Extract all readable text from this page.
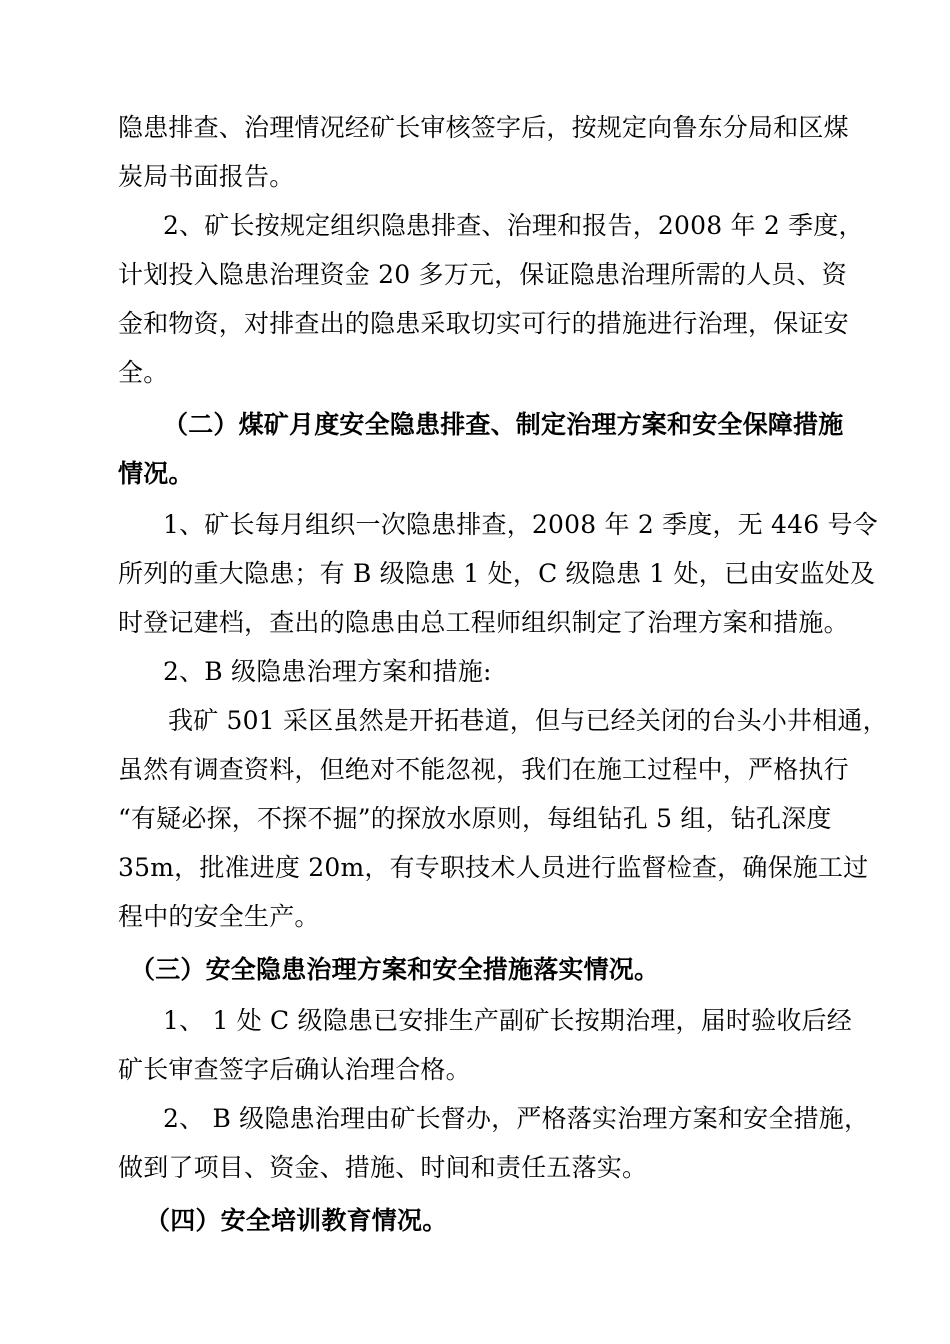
隐患排查、治理情况经矿长审核签字后，按规定向鲁东分局和区煤
炭局书面报告。
2、矿长按规定组织隐患排查、治理和报告，2008 年 2 季度，
计划投入隐患治理资金 20 多万元，保证隐患治理所需的人员、资
金和物资，对排查出的隐患采取切实可行的措施进行治理，保证安
全。
（二）煤矿月度安全隐患排查、制定治理方案和安全保障措施
情况。
1、矿长每月组织一次隐患排查，2008 年 2 季度，无 446 号令
所列的重大隐患；有 B 级隐患 1 处，C 级隐患 1 处，已由安监处及
时登记建档，查出的隐患由总工程师组织制定了治理方案和措施。
2、B 级隐患治理方案和措施:
我矿 501 采区虽然是开拓巷道，但与已经关闭的台头小井相通，
虽然有调查资料，但绝对不能忽视，我们在施工过程中，严格执行
“有疑必探，不探不掘”的探放水原则，每组钻孔 5 组，钻孔深度
35m，批准进度 20m，有专职技术人员进行监督检查，确保施工过
程中的安全生产。
（三）安全隐患治理方案和安全措施落实情况。
1、 1 处 C 级隐患已安排生产副矿长按期治理，届时验收后经
矿长审查签字后确认治理合格。
2、 B 级隐患治理由矿长督办，严格落实治理方案和安全措施，
做到了项目、资金、措施、时间和责任五落实。
（四）安全培训教育情况。
